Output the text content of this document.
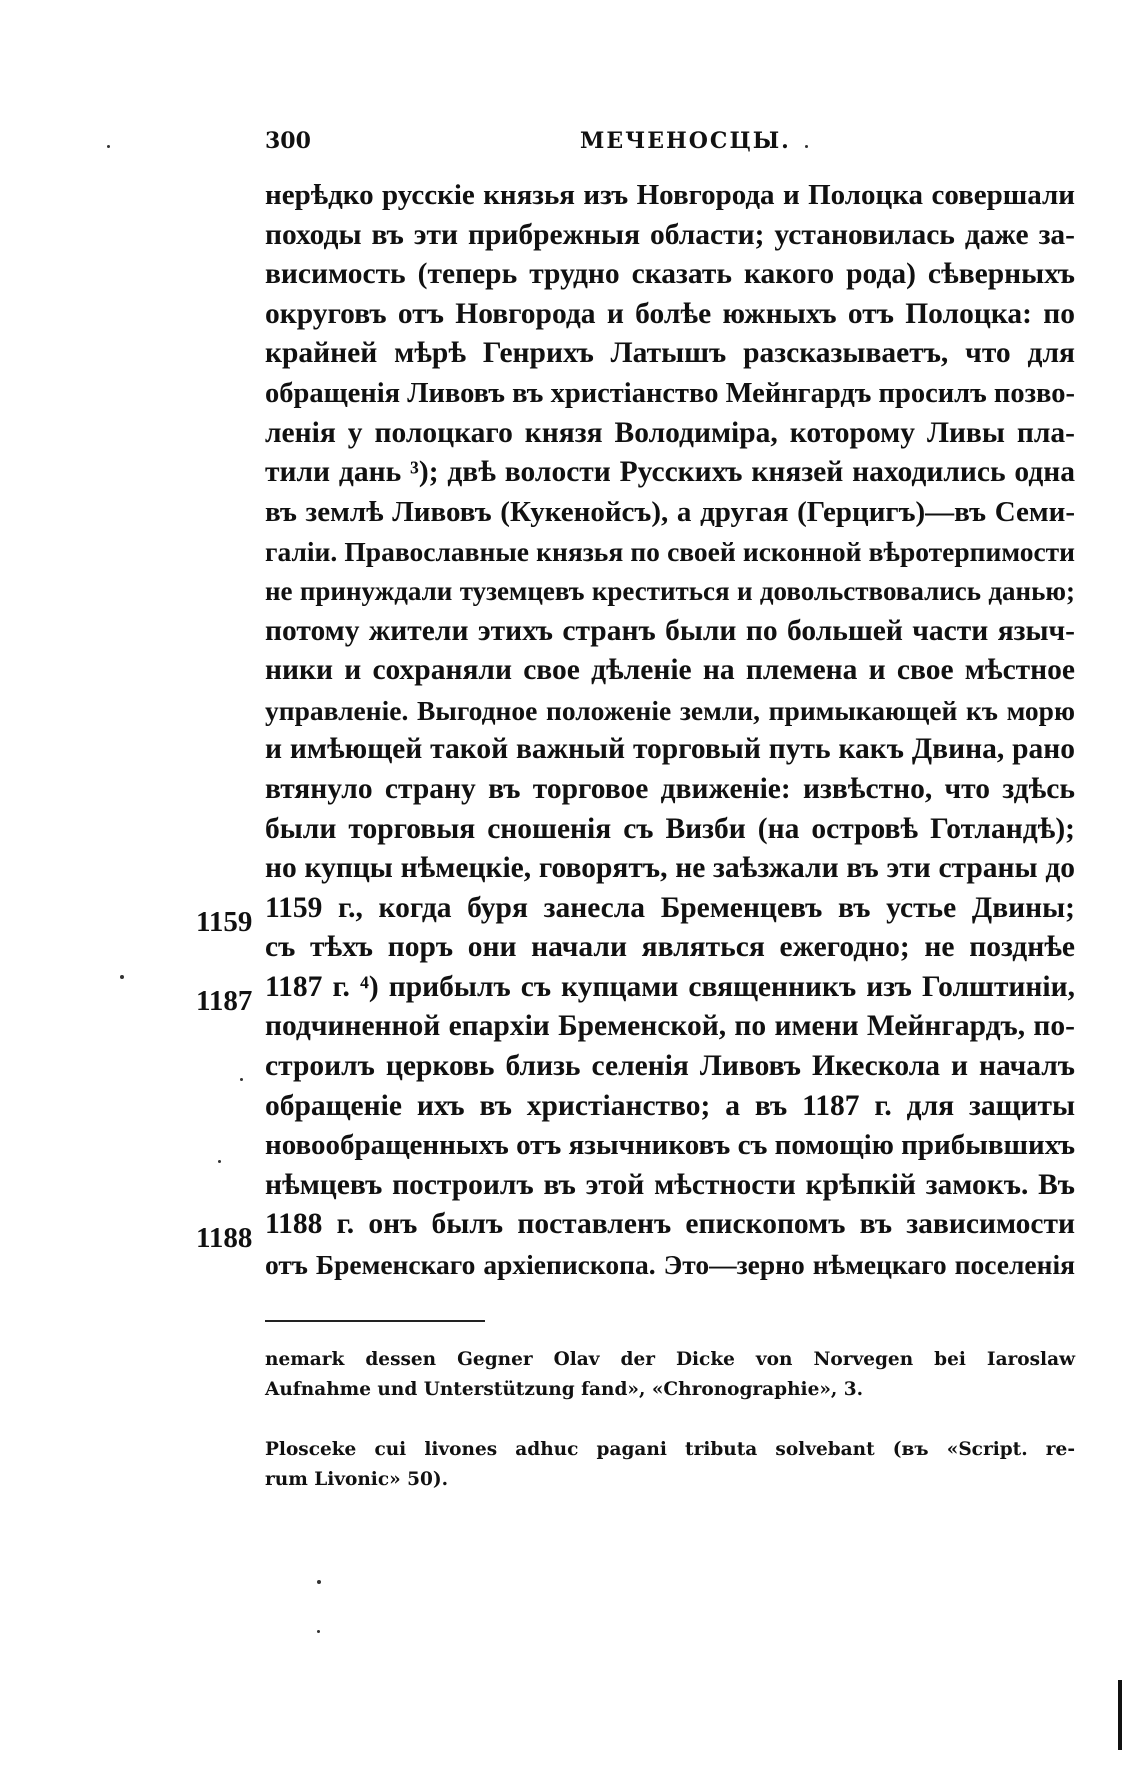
300	МЕЧЕНОСЦЫ.
1159
1187
1188
нерѣдко русскіе князья изъ Новгорода и Полоцка совершали
походы въ эти прибрежныя области; установилась даже за-
висимость (теперь трудно сказать какого рода) сѣверныхъ
округовъ отъ Новгорода и болѣе южныхъ отъ Полоцка: по
крайней мѣрѣ Генрихъ Латышъ разсказываетъ, что для
обращенія Ливовъ въ христіанство Мейнгардъ просилъ позво-
ленія у полоцкаго князя Володиміра, которому Ливы пла-
тили дань ³); двѣ волости Русскихъ князей находились одна
въ землѣ Ливовъ (Кукенойсъ), а другая (Герцигъ)—въ Семи-
галіи. Православные князья по своей исконной вѣротерпимости
не принуждали туземцевъ креститься и довольствовались данью;
потому жители этихъ странъ были по большей части языч-
ники и сохраняли свое дѣленіе на племена и свое мѣстное
управленіе. Выгодное положеніе земли, примыкающей къ морю
и имѣющей такой важный торговый путь какъ Двина, рано
втянуло страну въ торговое движеніе: извѣстно, что здѣсь
были торговыя сношенія съ Визби (на островѣ Готландѣ);
но купцы нѣмецкіе, говорятъ, не заѣзжали въ эти страны до
1159 г., когда буря занесла Бременцевъ въ устье Двины;
съ тѣхъ поръ они начали являться ежегодно; не позднѣе
1187 г. ⁴) прибылъ съ купцами священникъ изъ Голштиніи,
подчиненной епархіи Бременской, по имени Мейнгардъ, по-
строилъ церковь близь селенія Ливовъ Икескола и началъ
обращеніе ихъ въ христіанство; а въ 1187 г. для защиты
новообращенныхъ отъ язычниковъ съ помощію прибывшихъ
нѣмцевъ построилъ въ этой мѣстности крѣпкій замокъ. Въ
1188 г. онъ былъ поставленъ епископомъ въ зависимости
отъ Бременскаго архіепископа. Это—зерно нѣмецкаго поселенія
nemark dessen Gegner Olav der Dicke von Norvegen bei Iaroslaw
Aufnahme und Unterstützung fand», «Chronographie», 3.
Plosceke cui livones adhuc pagani tributa solvebant (въ «Script. re-
rum Livonic» 50).
